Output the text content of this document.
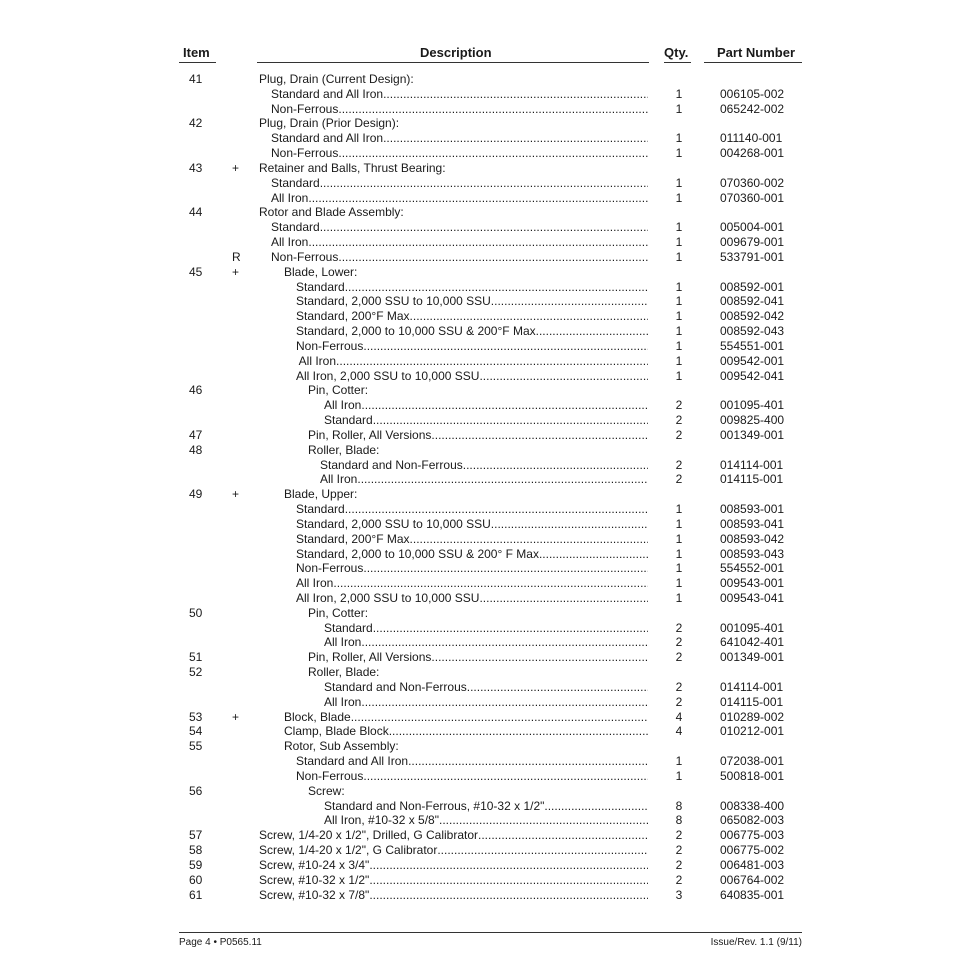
Item	Description	Qty. Part Number
41	Plug, Drain (Current Design):
Standard and All Iron .....	1	006105-002
Non-Ferrous .....	1	065242-002
42	Plug, Drain (Prior Design):
Standard and All Iron .....	1	011140-001
Non-Ferrous .....	1	004268-001
43	+	Retainer and Balls, Thrust Bearing:
Standard .....	1	070360-002
All Iron .....	1	070360-001
44	Rotor and Blade Assembly:
Standard .....	1	005004-001
All Iron .....	1	009679-001
R	Non-Ferrous .....	1	533791-001
45	+	Blade, Lower:
Standard .....	1	008592-001
Standard, 2,000 SSU to 10,000 SSU .....	1	008592-041
Standard, 200°F Max. .....	1	008592-042
Standard, 2,000 to 10,000 SSU & 200°F Max. .....	1	008592-043
Non-Ferrous .....	1	554551-001
All Iron .....	1	009542-001
All Iron, 2,000 SSU to 10,000 SSU .....	1	009542-041
46	Pin, Cotter:
All Iron .....	2	001095-401
Standard .....	2	009825-400
47	Pin, Roller, All Versions .....	2	001349-001
48	Roller, Blade:
Standard and Non-Ferrous .....	2	014114-001
All Iron .....	2	014115-001
49	+	Blade, Upper:
Standard .....	1	008593-001
Standard, 2,000 SSU to 10,000 SSU .....	1	008593-041
Standard, 200°F Max. .....	1	008593-042
Standard, 2,000 to 10,000 SSU & 200° F Max. .....	1	008593-043
Non-Ferrous .....	1	554552-001
All Iron .....	1	009543-001
All Iron, 2,000 SSU to 10,000 SSU .....	1	009543-041
50	Pin, Cotter:
Standard .....	2	001095-401
All Iron .....	2	641042-401
51	Pin, Roller, All Versions .....	2	001349-001
52	Roller, Blade:
Standard and Non-Ferrous .....	2	014114-001
All Iron .....	2	014115-001
53	+	Block, Blade .....	4	010289-002
54	Clamp, Blade Block .....	4	010212-001
55	Rotor, Sub Assembly:
Standard and All Iron .....	1	072038-001
Non-Ferrous .....	1	500818-001
56	Screw:
Standard and Non-Ferrous, #10-32 x 1/2" .....	8	008338-400
All Iron, #10-32 x 5/8" .....	8	065082-003
57	Screw, 1/4-20 x 1/2", Drilled, G Calibrator .....	2	006775-003
58	Screw, 1/4-20 x 1/2", G Calibrator .....	2	006775-002
59	Screw, #10-24 x 3/4" .....	2	006481-003
60	Screw, #10-32 x 1/2" .....	2	006764-002
61	Screw, #10-32 x 7/8" .....	3	640835-001
Page 4 • P0565.11	Issue/Rev. 1.1 (9/11)
